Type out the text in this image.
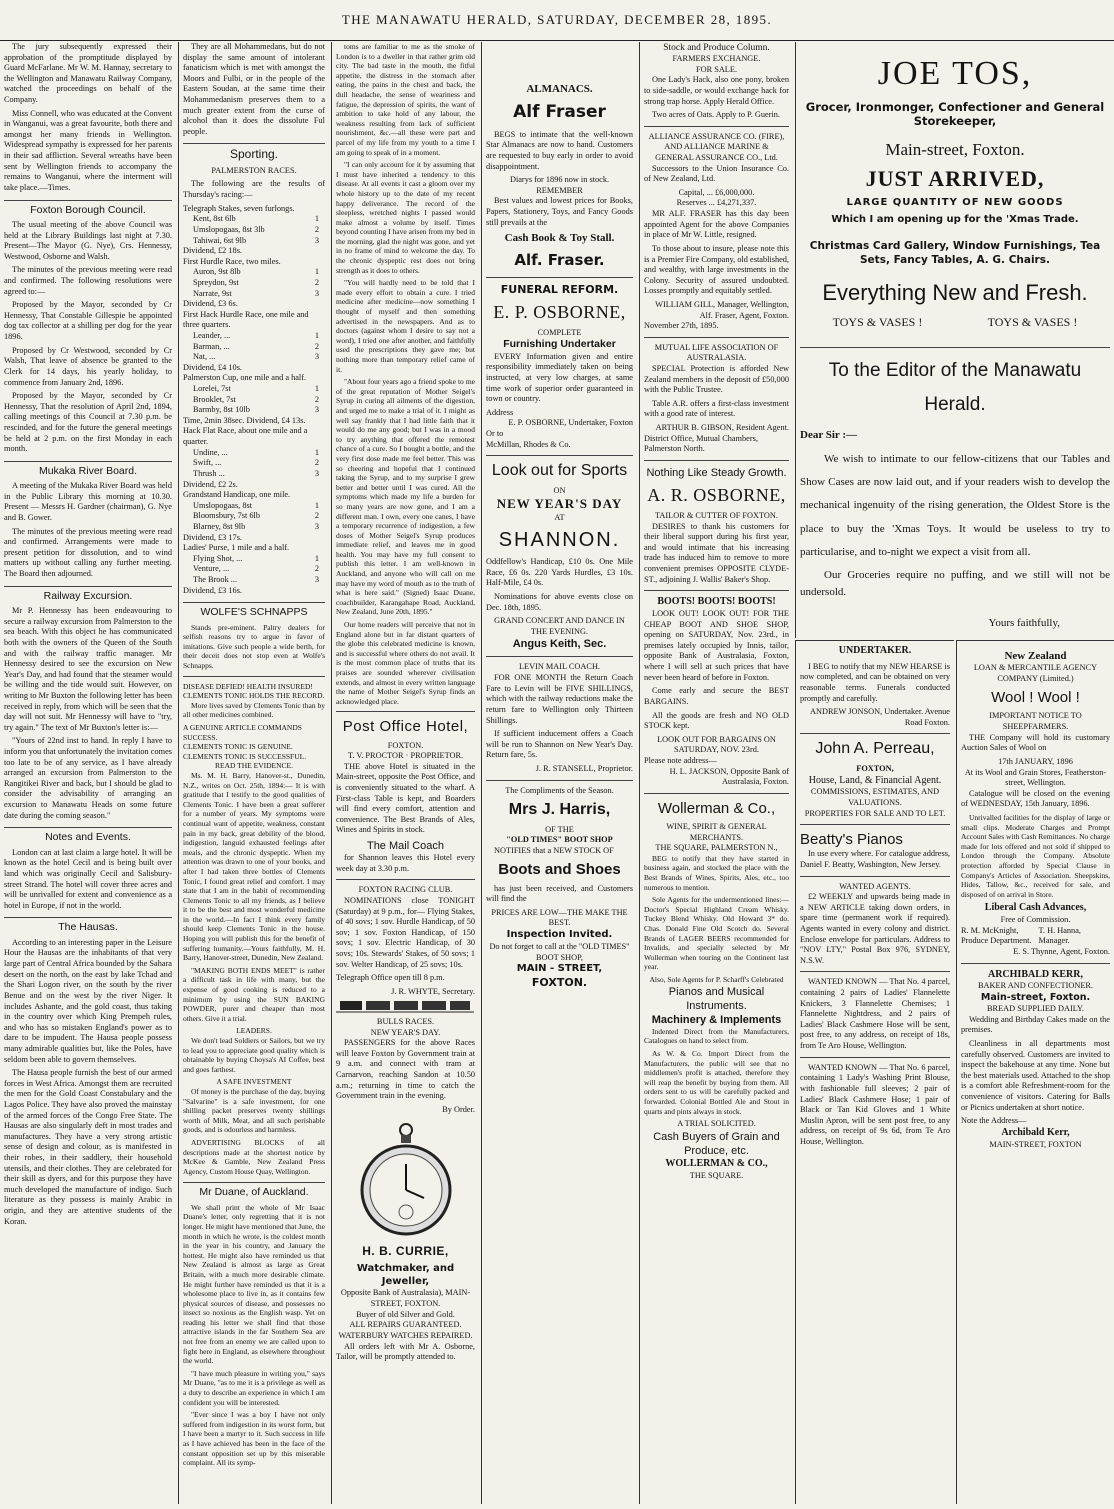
THE MANAWATU HERALD, SATURDAY, DECEMBER 28, 1895.

The jury subsequently expressed their approbation of the promptitude displayed by Guard McFarlane. Mr W. M. Hannay, secretary to the Wellington and Manawatu Railway Company, watched the proceedings on behalf of the Company.

Miss Connell, who was educated at the Convent in Wanganui, was a great favourite, both there and amongst her many friends in Wellington. Widespread sympathy is expressed for her parents in their sad affliction. Several wreaths have been sent by Wellington friends to accompany the remains to Wanganui, where the interment will take place.—Times.

Foxton Borough Council.

The usual meeting of the above Council was held at the Library Buildings last night at 7.30. Present—The Mayor (G. Nye), Crs. Hennessy, Westwood, Osborne and Walsh.

The minutes of the previous meeting were read and confirmed. The following resolutions were agreed to:—

Proposed by the Mayor, seconded by Cr Hennessy, That Constable Gillespie be appointed dog tax collector at a shilling per dog for the year 1896.

Proposed by Cr Westwood, seconded by Cr Walsh, That leave of absence be granted to the Clerk for 14 days, his yearly holiday, to commence from January 2nd, 1896.

Proposed by the Mayor, seconded by Cr Hennessy, That the resolution of April 2nd, 1894, calling meetings of this Council at 7.30 p.m. be rescinded, and for the future the general meetings be held at 2 p.m. on the first Monday in each month.

Mukaka River Board.

A meeting of the Mukaka River Board was held in the Public Library this morning at 10.30. Present — Messrs H. Gardner (chairman), G. Nye and B. Gower.

The minutes of the previous meeting were read and confirmed. Arrangements were made to present petition for dissolution, and to wind matters up without calling any further meeting. The Board then adjourned.

Railway Excursion.

Mr P. Hennessy has been endeavouring to secure a railway excursion from Palmerston to the sea beach. With this object he has communicated both with the owners of the Queen of the South and with the railway traffic manager. Mr Hennessy desired to see the excursion on New Year's Day, and had found that the steamer would be willing and the tide would suit. However, on writing to Mr Buxton the following letter has been received in reply, from which will be seen that the day will not suit. Mr Hennessy will have to "try, try again." The text of Mr Buxton's letter is:—

"Yours of 22nd inst to hand. In reply I have to inform you that unfortunately the invitation comes too late to be of any service, as I have already arranged an excursion from Palmerston to the Rangitikei River and back, but I should be glad to consider the advisability of arranging an excursion to Manawatu Heads on some future date during the coming season."

Notes and Events.

London can at last claim a large hotel. It will be known as the hotel Cecil and is being built over land which was originally Cecil and Salisbury-street Strand. The hotel will cover three acres and will be unrivalled for extent and convenience as a hotel in Europe, if not in the world.

The Hausas.

According to an interesting paper in the Leisure Hour the Hausas are the inhabitants of that very large part of Central Africa bounded by the Sahara desert on the north, on the east by lake Tchad and the Shari Logon river, on the south by the river Benue and on the west by the river Niger. It includes Ashante, and the gold coast, thus taking in the country over which King Prempeh rules, and who has so mistaken England's power as to dare to be impudent. The Hausa people possess many admirable qualities but, like the Poles, have seldom been able to govern themselves.

The Hausa people furnish the best of our armed forces in West Africa. Amongst them are recruited the men for the Gold Coast Constabulary and the Lagos Police. They have also proved the mainstay of the armed forces of the Congo Free State. The Hausas are also singularly deft in most trades and manufactures. They have a very strong artistic sense of design and colour, as is manifested in their robes, in their saddlery, their household utensils, and their clothes. They are celebrated for their skill as dyers, and for this purpose they have much developed the manufacture of indigo. Such literature as they possess is mainly Arabic in origin, and they are attentive students of the Koran.

They are all Mohammedans, but do not display the same amount of intolerant fanaticism which is met with amongst the Moors and Fulbi, or in the people of the Eastern Soudan, at the same time their Mohammedanism preserves them to a much greater extent from the curse of alcohol than it does the dissolute Ful people.

Sporting.
PALMERSTON RACES.

The following are the results of Thursday's racing:—

Telegraph Stakes, seven furlongs.
Kent, 8st 6lb	1
Umslopogaas, 8st 3lb	2
Tahiwai, 6st 9lb	3
Dividend, £2 18s.
First Hurdle Race, two miles.
Auron, 9st 8lb	1
Spreydon, 9st	2
Narrate, 9st	3
Dividend, £3 6s.
First Hack Hurdle Race, one mile and three quarters.
Leander, ...	1
Barman, ...	2
Nat, ...	3
Dividend, £4 10s.
Palmerston Cup, one mile and a half.
Lorelei, 7st	1
Brooklet, 7st	2
Barmby, 8st 10lb	3
Time, 2min 38sec. Dividend, £4 13s.
Hack Flat Race, about one mile and a quarter.
Undine, ...	1
Swift, ...	2
Thrush ...	3
Dividend, £2 2s.
Grandstand Handicap, one mile.
Umslopogaas, 8st	1
Bloomsbury, 7st 6lb	2
Blarney, 8st 9lb	3
Dividend, £3 17s.
Ladies' Purse, 1 mile and a half.
Flying Shot, ...	1
Venture, ...	2
The Brook ...	3
Dividend, £3 16s.
WOLFE'S SCHNAPPS

Stands pre-eminent. Paltry dealers for selfish reasons try to argue in favor of imitations. Give such people a wide berth, for their deceit does not stop even at Wolfe's Schnapps.

DISEASE DEFIED! HEALTH INSURED!
CLEMENTS TONIC HOLDS THE RECORD.

More lives saved by Clements Tonic than by all other medicines combined.

A GENUINE ARTICLE COMMANDS SUCCESS.
CLEMENTS TONIC IS GENUINE. CLEMENTS TONIC IS SUCCESSFUL.
READ THE EVIDENCE.

Ms. M. H. Barry, Hanover-st., Dunedin, N.Z., writes on Oct. 25th, 1894:— It is with gratitude that I testify to the good qualities of Clements Tonic. I have been a great sufferer for a number of years. My symptoms were continual want of appetite, weakness, constant pain in my back, great debility of the blood, indigestion, languid exhausted feelings after meals, and the chronic dyspeptic. When my attention was drawn to one of your books, and after I had taken three bottles of Clements Tonic, I found great relief and comfort. I may state that I am in the habit of recommending Clements Tonic to all my friends, as I believe it to be the best and most wonderful medicine in the world.—In fact I think every family should keep Clements Tonic in the house. Hoping you will publish this for the benefit of suffering humanity.—Yours faithfully, M. H. Barry, Hanover-street, Dunedin, New Zealand.

"MAKING BOTH ENDS MEET" is rather a difficult task in life with many, but the expense of good cooking is reduced to a minimum by using the SUN BAKING POWDER, purer and cheaper than most others. Give it a trial.

LEADERS.

We don't lead Soldiers or Sailors, but we try to lead you to appreciate good quality which is obtainable by buying Choysa's AI Coffee, best and goes farthest.

A SAFE INVESTMENT

Of money is the purchase of the day, buying "Salvarine" is a safe investment, for one shilling packet preserves twenty shillings worth of Milk, Meat, and all such perishable goods, and is odourless and harmless.

ADVERTISING BLOCKS of all descriptions made at the shortest notice by McKee & Gamble, New Zealand Press Agency, Custom House Quay, Wellington.

Mr Duane, of Auckland.

We shall print the whole of Mr Isaac Duane's letter, only regretting that it is not longer. He might have mentioned that June, the month in which he wrote, is the coldest month in the year in his country, and January the hottest. He might also have reminded us that New Zealand is almost as large as Great Britain, with a much more desirable climate. He might further have reminded us that it is a wholesome place to live in, as it contains few physical sources of disease, and possesses no insect so noxious as the English wasp. Yet on reading his letter we shall find that those attractive islands in the far Southern Sea are not free from an enemy we are called upon to fight here in England, as elsewhere throughout the world.

"I have much pleasure in writing you," says Mr Duane, "as to me it is a privilege as well as a duty to describe an experience in which I am confident you will be interested.

"Ever since I was a boy I have not only suffered from indigestion in its worst form, but I have been a martyr to it. Such success in life as I have achieved has been in the face of the constant opposition set up by this miserable complaint. All its symp-

toms are familiar to me as the smoke of London is to a dweller in that rather grim old city. The bad taste in the mouth, the fitful appetite, the distress in the stomach after eating, the pains in the chest and back, the dull headache, the sense of weariness and fatigue, the depression of spirits, the want of ambition to take hold of any labour, the weakness resulting from lack of sufficient nourishment, &c.—all these were part and parcel of my life from my youth to a time I am going to speak of in a moment.

"I can only account for it by assuming that I must have inherited a tendency to this disease. At all events it cast a gloom over my whole history up to the date of my recent happy deliverance. The record of the sleepless, wretched nights I passed would make almost a volume by itself. Times beyond counting I have arisen from my bed in the morning, glad the night was gone, and yet in no frame of mind to welcome the day. To the chronic dyspeptic rest does not bring strength as it does to others.

"You will hardly need to be told that I made every effort to obtain a cure. I tried medicine after medicine—now something I thought of myself and then something advertised in the newspapers. And as to doctors (against whom I desire to say not a word), I tried one after another, and faithfully used the prescriptions they gave me; but nothing more than temporary relief came of it.

"About four years ago a friend spoke to me of the great reputation of Mother Seigel's Syrup in curing all ailments of the digestion, and urged me to make a trial of it. I might as well say frankly that I had little faith that it would do me any good; but I was in a mood to try anything that offered the remotest chance of a cure. So I bought a bottle, and the very first dose made me feel better. This was so cheering and hopeful that I continued taking the Syrup, and to my surprise I grew better and better until I was cured. All the symptoms which made my life a burden for so many years are now gone, and I am a different man. I own, every one canes, I have a temporary recurrence of indigestion, a few doses of Mother Seigel's Syrup produces immediate relief, and leaves me in good health. You may have my full consent to publish this letter. I am well-known in Auckland, and anyone who will call on me may have my word of mouth as to the truth of what is here said." (Signed) Isaac Duane, coachbuilder, Karangahape Road, Auckland, New Zealand, June 20th, 1895."

Our home readers will perceive that not in England alone but in far distant quarters of the globe this celebrated medicine is known, and is successful where others do not avail. It is the most common place of truths that its praises are sounded wherever civilisation extends, and almost in every written language the name of Mother Seigel's Syrup finds an acknowledged place.

Post Office Hotel,
FOXTON.
T. V. PROCTOR · PROPRIETOR.

THE above Hotel is situated in the Main-street, opposite the Post Office, and is conveniently situated to the wharf. A First-class Table is kept, and Boarders will find every comfort, attention and convenience. The Best Brands of Ales, Wines and Spirits in stock.

The Mail Coach

for Shannon leaves this Hotel every week day at 3.30 p.m.

FOXTON RACING CLUB.

NOMINATIONS close TONIGHT (Saturday) at 9 p.m., for— Flying Stakes, of 40 sovs; 1 sov. Hurdle Handicap, of 50 sov; 1 sov. Foxton Handicap, of 150 sovs; 1 sov. Electric Handicap, of 30 sovs; 10s. Stewards' Stakes, of 50 sovs; 1 sov. Welter Handicap, of 25 sovs; 10s.

Telegraph Office open till 8 p.m.

J. R. WHYTE, Secretary.
BULLS RACES.
NEW YEAR'S DAY.

PASSENGERS for the above Races will leave Foxton by Government train at 9 a.m. and connect with tram at Carnarvon, reaching Sandon at 10.50 a.m.; returning in time to catch the Government train in the evening.

By Order.
H. B. CURRIE,
Watchmaker, and Jeweller,
Opposite Bank of Australasia), MAIN-STREET, FOXTON.
Buyer of old Silver and Gold.
ALL REPAIRS GUARANTEED.
WATERBURY WATCHES REPAIRED.

All orders left with Mr A. Osborne, Tailor, will be promptly attended to.

ALMANACS.
Alf Fraser

BEGS to intimate that the well-known Star Almanacs are now to hand. Customers are requested to buy early in order to avoid disappointment.

Diarys for 1896 now in stock.
REMEMBER

Best values and lowest prices for Books, Papers, Stationery, Toys, and Fancy Goods still prevails at the

Cash Book & Toy Stall.
Alf. Fraser.
FUNERAL REFORM.
E. P. OSBORNE,
COMPLETE
Furnishing Undertaker

EVERY Information given and entire responsibility immediately taken on being instructed, at very low charges, at same time work of superior order guaranteed in town or country.

Address
E. P. OSBORNE, Undertaker, Foxton
Or to
McMillan, Rhodes & Co.
Look out for Sports
ON
NEW YEAR'S DAY
AT
SHANNON.

Oddfellow's Handicap, £10 0s. One Mile Race, £6 0s. 220 Yards Hurdles, £3 10s. Half-Mile, £4 0s.

Nominations for above events close on Dec. 18th, 1895.

GRAND CONCERT AND DANCE IN THE EVENING.
Angus Keith, Sec.
LEVIN MAIL COACH.

FOR ONE MONTH the Return Coach Fare to Levin will be FIVE SHILLINGS, which with the railway reductions make the return fare to Wellington only Thirteen Shillings.

If sufficient inducement offers a Coach will be run to Shannon on New Year's Day. Return fare, 5s.

J. R. STANSELL, Proprietor.
The Compliments of the Season.
Mrs J. Harris,
OF THE
"OLD TIMES" BOOT SHOP

NOTIFIES that a NEW STOCK OF

Boots and Shoes

has just been received, and Customers will find the

PRICES ARE LOW—THE MAKE THE BEST.
Inspection Invited.
Do not forget to call at the "OLD TIMES" BOOT SHOP,
MAIN - STREET,
FOXTON.
Stock and Produce Column.
FARMERS EXCHANGE.
FOR SALE.

One Lady's Hack, also one pony, broken to side-saddle, or would exchange hack for strong trap horse. Apply Herald Office.

Two acres of Oats. Apply to P. Guerin.

ALLIANCE ASSURANCE CO. (FIRE), AND ALLIANCE MARINE & GENERAL ASSURANCE CO., Ltd.

Successors to the Union Insurance Co. of New Zealand, Ltd.

Capital, ... £6,000,000.
Reserves ... £4,271,337.

MR ALF. FRASER has this day been appointed Agent for the above Companies in place of Mr W. Little, resigned.

To those about to insure, please note this is a Premier Fire Company, old established, and wealthy, with large investments in the Colony. Security of assured undoubted. Losses promptly and equitably settled.

WILLIAM GILL, Manager, Wellington,
Alf. Fraser, Agent, Foxton.
November 27th, 1895.
MUTUAL LIFE ASSOCIATION OF AUSTRALASIA.

SPECIAL Protection is afforded New Zealand members in the deposit of £50,000 with the Public Trustee.

Table A.R. offers a first-class investment with a good rate of interest.

ARTHUR B. GIBSON, Resident Agent.
District Office, Mutual Chambers, Palmerston North.
Nothing Like Steady Growth.
A. R. OSBORNE,
TAILOR & CUTTER OF FOXTON.

DESIRES to thank his customers for their liberal support during his first year, and would intimate that his increasing trade has induced him to remove to more convenient premises OPPOSITE CLYDE-ST., adjoining J. Wallis' Baker's Shop.

BOOTS! BOOTS! BOOTS!

LOOK OUT! LOOK OUT! FOR THE CHEAP BOOT AND SHOE SHOP, opening on SATURDAY, Nov. 23rd., in premises lately occupied by Innis, tailor, opposite Bank of Australasia, Foxton, where I will sell at such prices that have never been heard of before in Foxton.

Come early and secure the BEST BARGAINS.

All the goods are fresh and NO OLD STOCK kept.

LOOK OUT FOR BARGAINS ON SATURDAY, NOV. 23rd.
Please note address—
H. L. JACKSON, Opposite Bank of Australasia, Foxton.
Wollerman & Co.,
WINE, SPIRIT & GENERAL MERCHANTS.
THE SQUARE, PALMERSTON N.,

BEG to notify that they have started in business again, and stocked the place with the Best Brands of Wines, Spirits, Ales, etc., too numerous to mention.

Sole Agents for the undermentioned lines:— Doctor's Special Highland Cream Whisky. Tuckey Blend Whisky. Old Howard 3* do. Chas. Donald Fine Old Scotch do. Several Brands of LAGER BEERS recommended for Invalids, and specially selected by Mr Wollerman when touring on the Continent last year.

Also, Sole Agents for P. Scharff's Celebrated
Pianos and Musical Instruments.
Machinery & Implements

Indented Direct from the Manufacturers, Catalogues on hand to select from.

As W. & Co. Import Direct from the Manufacturers, the public will see that no middlemen's profit is attached, therefore they will reap the benefit by buying from them. All orders sent to us will be carefully packed and forwarded. Colonial Bottled Ale and Stout in quarts and pints always in stock.

A TRIAL SOLICITED.
Cash Buyers of Grain and Produce, etc.
WOLLERMAN & CO.,
THE SQUARE.
JOE TOS,
Grocer, Ironmonger, Confectioner and General Storekeeper,
Main-street, Foxton.
JUST ARRIVED,
LARGE QUANTITY OF NEW GOODS
Which I am opening up for the 'Xmas Trade.
Christmas Card Gallery, Window Furnishings, Tea Sets, Fancy Tables, A. G. Chairs.
Everything New and Fresh.
TOYS & VASES !	TOYS & VASES !
To the Editor of the Manawatu Herald.
Dear Sir :—

We wish to intimate to our fellow-citizens that our Tables and Show Cases are now laid out, and if your readers wish to develop the mechanical ingenuity of the rising generation, the Oldest Store is the place to buy the 'Xmas Toys. It would be useless to try to particularise, and to-night we expect a visit from all.

Our Groceries require no puffing, and we still will not be undersold.

Yours faithfully,
UNDERTAKER.

I BEG to notify that my NEW HEARSE is now completed, and can be obtained on very reasonable terms. Funerals conducted promptly and carefully.

ANDREW JONSON, Undertaker. Avenue Road Foxton.
John A. Perreau,
FOXTON,
House, Land, & Financial Agent.
COMMISSIONS, ESTIMATES, AND VALUATIONS.
PROPERTIES FOR SALE AND TO LET.
Beatty's Pianos

In use every where. For catalogue address, Daniel F. Beatty, Washington, New Jersey.

WANTED AGENTS.

£2 WEEKLY and upwards being made in a NEW ARTICLE taking down orders, in spare time (permanent work if required). Agents wanted in every colony and district. Enclose envelope for particulars. Address to "NOV LTY," Postal Box 976, SYDNEY, N.S.W.

WANTED KNOWN — That No. 4 parcel, containing 2 pairs of Ladies' Flannelette Knickers, 3 Flannelette Chemises; 1 Flannelette Nightdress, and 2 pairs of Ladies' Black Cashmere Hose will be sent, post free, to any address, on receipt of 18s, from Te Aro House, Wellington.

WANTED KNOWN — That No. 6 parcel, containing 1 Lady's Washing Print Blouse, with fashionable full sleeves; 2 pair of Ladies' Black Cashmere Hose; 1 pair of Black or Tan Kid Gloves and 1 White Muslin Apron, will be sent post free, to any address, on receipt of 9s 6d, from Te Aro House, Wellington.

New Zealand
LOAN & MERCANTILE AGENCY COMPANY (Limited.)
Wool ! Wool !
IMPORTANT NOTICE TO SHEEPFARMERS.

THE Company will hold its customary Auction Sales of Wool on

17th JANUARY, 1896
At its Wool and Grain Stores, Featherston-street, Wellington.

Catalogue will be closed on the evening of WEDNESDAY, 15th January, 1896.

Unrivalled facilities for the display of large or small clips. Moderate Charges and Prompt Account Sales with Cash Remittances. No charge made for lots offered and not sold if shipped to London through the Company. Absolute protection afforded by Special Clause in Company's Articles of Association. Sheepskins, Hides, Tallow, &c., received for sale, and disposed of on arrival in Store.

Liberal Cash Advances,
Free of Commission.
R. M. McKnight, Produce Department.
T. H. Hanna, Manager.
E. S. Thynne, Agent, Foxton.
ARCHIBALD KERR,
BAKER AND CONFECTIONER.
Main-street, Foxton.
BREAD SUPPLIED DAILY.

Wedding and Birthday Cakes made on the premises.

Cleanliness in all departments most carefully observed. Customers are invited to inspect the bakehouse at any time. None but the best materials used. Attached to the shop is a comfort able Refreshment-room for the convenience of visitors. Catering for Balls or Picnics undertaken at short notice.

Note the Address—
Archibald Kerr,
MAIN-STREET, FOXTON
